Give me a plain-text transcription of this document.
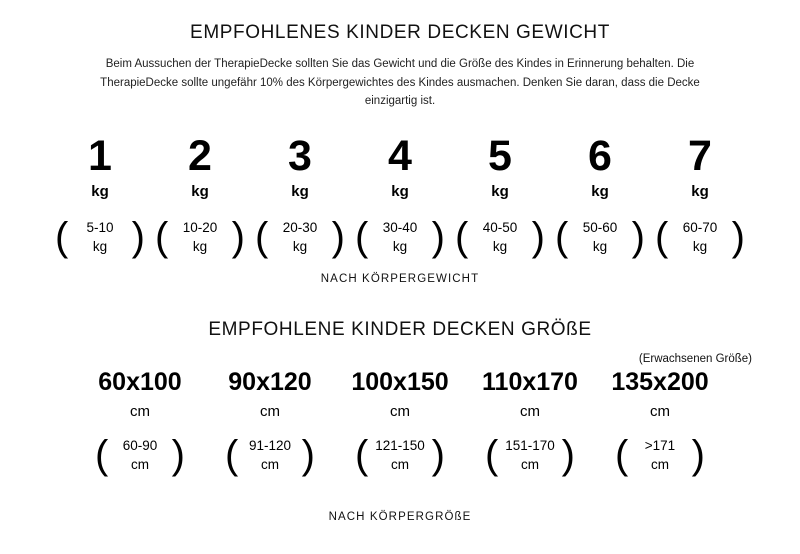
EMPFOHLENES KINDER DECKEN GEWICHT

Beim Aussuchen der TherapieDecke sollten Sie das Gewicht und die Größe des Kindes in Erinnerung behalten. Die TherapieDecke sollte ungefähr 10% des Körpergewichtes des Kindes ausmachen. Denken Sie daran, dass die Decke einzigartig ist.

1
kg
(	5-10
kg )
2
kg
(	10-20
kg )
3
kg
(	20-30
kg )
4
kg
(	30-40
kg )
5
kg
(	40-50
kg )
6
kg
(	50-60
kg )
7
kg
(	60-70
kg )
NACH KÖRPERGEWICHT
EMPFOHLENE KINDER DECKEN GRÖßE
(Erwachsenen Größe)
60x100
cm
(	60-90
cm )
90x120
cm
( 91-120
cm )
100x150
cm
( 121-150
cm )
110x170
cm
( 151-170
cm )
135x200
cm
(	>171
cm )
NACH KÖRPERGRÖßE
